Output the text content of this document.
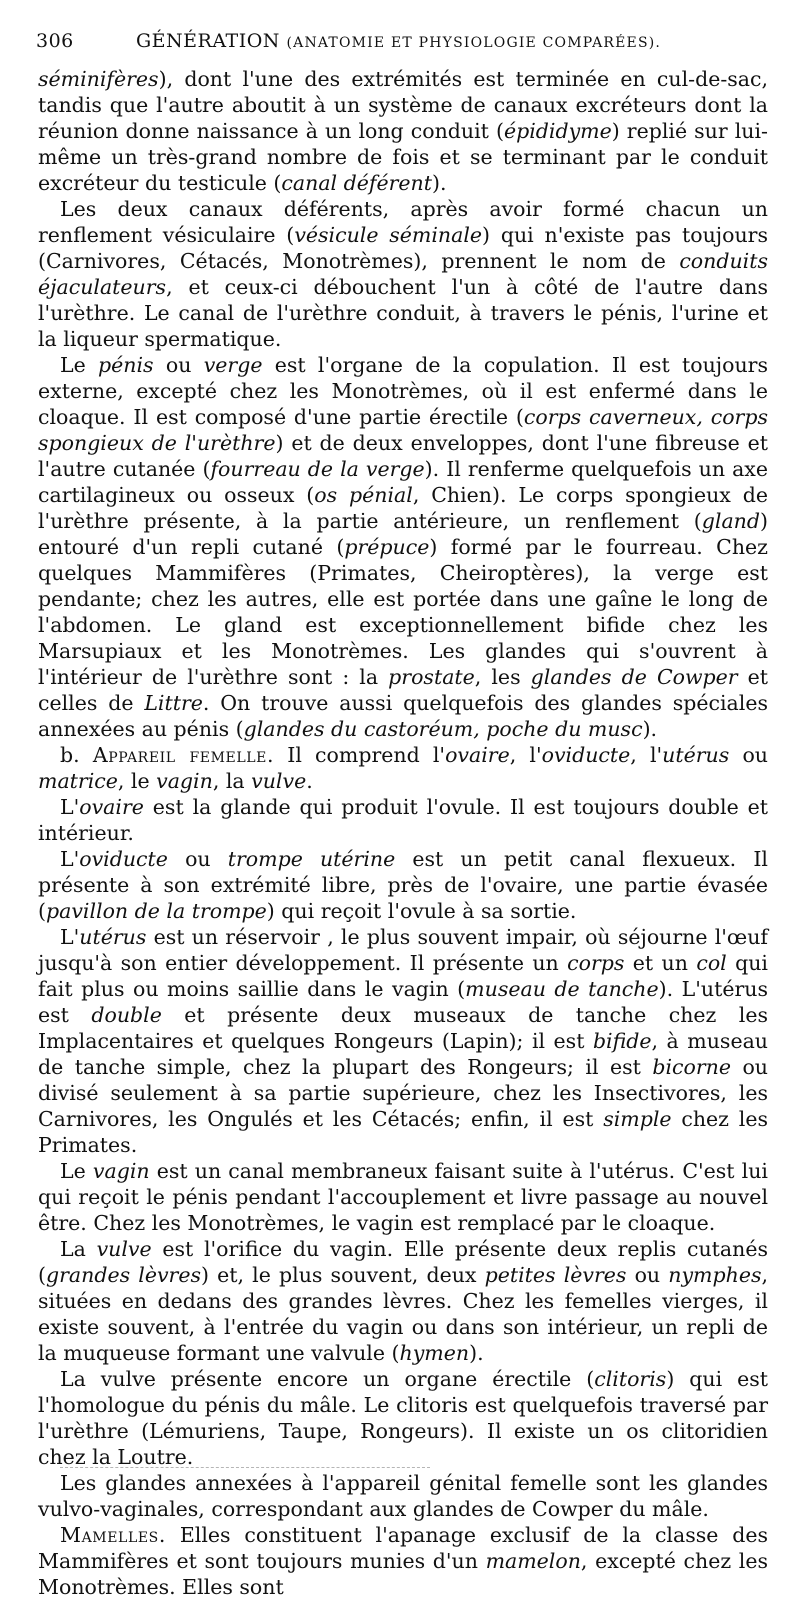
306	GÉNÉRATION (ANATOMIE ET PHYSIOLOGIE COMPARÉES).

séminifères), dont l'une des extrémités est terminée en cul-de-sac, tandis que l'autre aboutit à un système de canaux excréteurs dont la réunion donne naissance à un long conduit (épididyme) replié sur lui-même un très-grand nombre de fois et se terminant par le conduit excréteur du testicule (canal déférent).

Les deux canaux déférents, après avoir formé chacun un renflement vésiculaire (vésicule séminale) qui n'existe pas toujours (Carnivores, Cétacés, Monotrèmes), prennent le nom de conduits éjaculateurs, et ceux-ci débouchent l'un à côté de l'autre dans l'urèthre. Le canal de l'urèthre conduit, à travers le pénis, l'urine et la liqueur spermatique.

Le pénis ou verge est l'organe de la copulation. Il est toujours externe, excepté chez les Monotrèmes, où il est enfermé dans le cloaque. Il est composé d'une partie érectile (corps caverneux, corps spongieux de l'urèthre) et de deux enveloppes, dont l'une fibreuse et l'autre cutanée (fourreau de la verge). Il renferme quelquefois un axe cartilagineux ou osseux (os pénial, Chien). Le corps spongieux de l'urèthre présente, à la partie antérieure, un renflement (gland) entouré d'un repli cutané (prépuce) formé par le fourreau. Chez quelques Mammifères (Primates, Cheiroptères), la verge est pendante; chez les autres, elle est portée dans une gaîne le long de l'abdomen. Le gland est exceptionnellement bifide chez les Marsupiaux et les Monotrèmes. Les glandes qui s'ouvrent à l'intérieur de l'urèthre sont : la prostate, les glandes de Cowper et celles de Littre. On trouve aussi quelquefois des glandes spéciales annexées au pénis (glandes du castoréum, poche du musc).

b. Appareil femelle. Il comprend l'ovaire, l'oviducte, l'utérus ou matrice, le vagin, la vulve.

L'ovaire est la glande qui produit l'ovule. Il est toujours double et intérieur.

L'oviducte ou trompe utérine est un petit canal flexueux. Il présente à son extrémité libre, près de l'ovaire, une partie évasée (pavillon de la trompe) qui reçoit l'ovule à sa sortie.

L'utérus est un réservoir , le plus souvent impair, où séjourne l'œuf jusqu'à son entier développement. Il présente un corps et un col qui fait plus ou moins saillie dans le vagin (museau de tanche). L'utérus est double et présente deux museaux de tanche chez les Implacentaires et quelques Rongeurs (Lapin); il est bifide, à museau de tanche simple, chez la plupart des Rongeurs; il est bicorne ou divisé seulement à sa partie supérieure, chez les Insectivores, les Carnivores, les Ongulés et les Cétacés; enfin, il est simple chez les Primates.

Le vagin est un canal membraneux faisant suite à l'utérus. C'est lui qui reçoit le pénis pendant l'accouplement et livre passage au nouvel être. Chez les Monotrèmes, le vagin est remplacé par le cloaque.

La vulve est l'orifice du vagin. Elle présente deux replis cutanés (grandes lèvres) et, le plus souvent, deux petites lèvres ou nymphes, situées en dedans des grandes lèvres. Chez les femelles vierges, il existe souvent, à l'entrée du vagin ou dans son intérieur, un repli de la muqueuse formant une valvule (hymen).

La vulve présente encore un organe érectile (clitoris) qui est l'homologue du pénis du mâle. Le clitoris est quelquefois traversé par l'urèthre (Lémuriens, Taupe, Rongeurs). Il existe un os clitoridien chez la Loutre.

Les glandes annexées à l'appareil génital femelle sont les glandes vulvo-vaginales, correspondant aux glandes de Cowper du mâle.

Mamelles. Elles constituent l'apanage exclusif de la classe des Mammifères et sont toujours munies d'un mamelon, excepté chez les Monotrèmes. Elles sont
